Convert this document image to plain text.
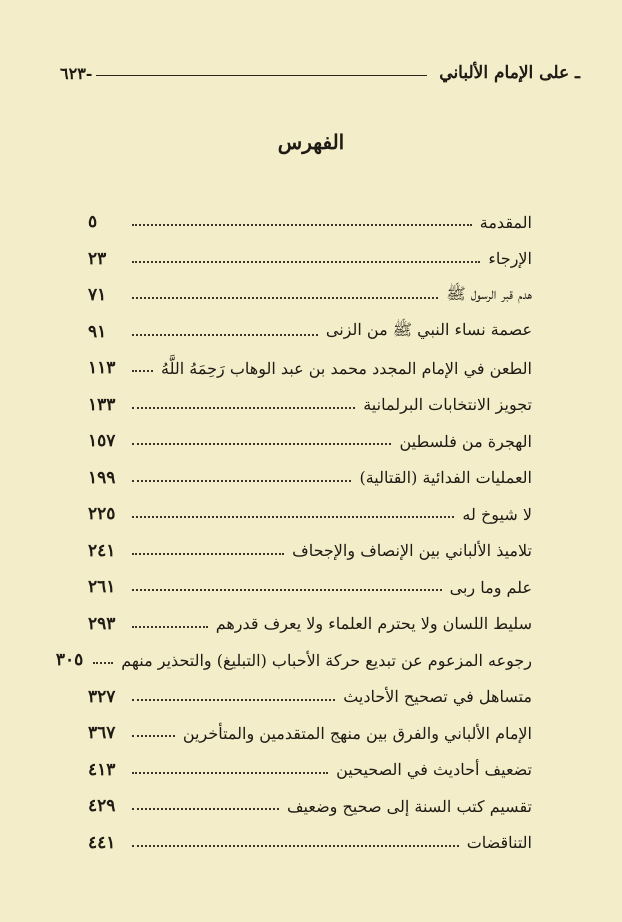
ـ على الإمام الألباني
-٦٢٣
الفهرس
المقدمة
٥
الإرجاء
٢٣
هدم قبر الرسول ﷺ
٧١
عصمة نساء النبي ﷺ من الزنى
٩١
الطعن في الإمام المجدد محمد بن عبد الوهاب رَحِمَهُ اللَّهُ
١١٣
تجويز الانتخابات البرلمانية
١٣٣
الهجرة من فلسطين
١٥٧
العمليات الفدائية (القتالية)
١٩٩
لا شيوخ له
٢٢٥
تلاميذ الألباني بين الإنصاف والإجحاف
٢٤١
علم وما ربى
٢٦١
سليط اللسان ولا يحترم العلماء ولا يعرف قدرهم
٢٩٣
رجوعه المزعوم عن تبديع حركة الأحباب (التبليغ) والتحذير منهم
٣٠٥
متساهل في تصحيح الأحاديث
٣٢٧
الإمام الألباني والفرق بين منهج المتقدمين والمتأخرين
٣٦٧
تضعيف أحاديث في الصحيحين
٤١٣
تقسيم كتب السنة إلى صحيح وضعيف
٤٢٩
التناقضات
٤٤١
